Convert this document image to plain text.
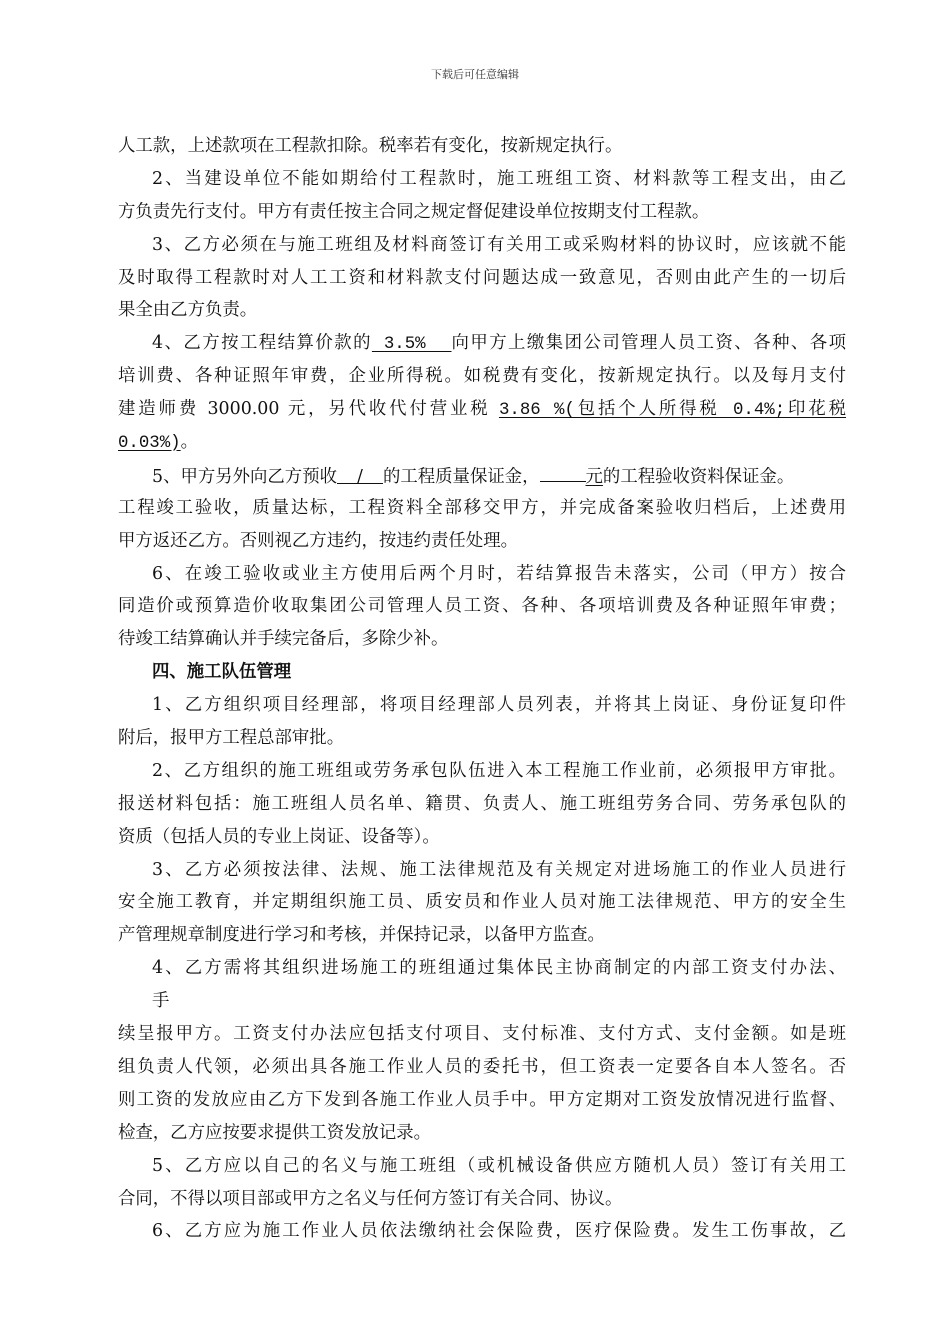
下载后可任意编辑
人工款，上述款项在工程款扣除。税率若有变化，按新规定执行。
2、当建设单位不能如期给付工程款时，施工班组工资、材料款等工程支出，由乙
方负责先行支付。甲方有责任按主合同之规定督促建设单位按期支付工程款。
3、乙方必须在与施工班组及材料商签订有关用工或采购材料的协议时，应该就不能
及时取得工程款时对人工工资和材料款支付问题达成一致意见，否则由此产生的一切后
果全由乙方负责。
4、乙方按工程结算价款的 3.5%   向甲方上缴集团公司管理人员工资、各种、各项
培训费、各种证照年审费，企业所得税。如税费有变化，按新规定执行。以及每月支付
建造师费 3000.00 元，另代收代付营业税 3.86 %(包括个人所得税 0.4%;印花税
0.03%)。
5、甲方另外向乙方预收 / 的工程质量保证金，	元的工程验收资料保证金。
工程竣工验收，质量达标，工程资料全部移交甲方，并完成备案验收归档后，上述费用
甲方返还乙方。否则视乙方违约，按违约责任处理。
6、在竣工验收或业主方使用后两个月时，若结算报告未落实，公司（甲方）按合
同造价或预算造价收取集团公司管理人员工资、各种、各项培训费及各种证照年审费；
待竣工结算确认并手续完备后，多除少补。
四、施工队伍管理
1、乙方组织项目经理部，将项目经理部人员列表，并将其上岗证、身份证复印件
附后，报甲方工程总部审批。
2、乙方组织的施工班组或劳务承包队伍进入本工程施工作业前，必须报甲方审批。
报送材料包括：施工班组人员名单、籍贯、负责人、施工班组劳务合同、劳务承包队的
资质（包括人员的专业上岗证、设备等）。
3、乙方必须按法律、法规、施工法律规范及有关规定对进场施工的作业人员进行
安全施工教育，并定期组织施工员、质安员和作业人员对施工法律规范、甲方的安全生
产管理规章制度进行学习和考核，并保持记录，以备甲方监查。
4、乙方需将其组织进场施工的班组通过集体民主协商制定的内部工资支付办法、
手
续呈报甲方。工资支付办法应包括支付项目、支付标准、支付方式、支付金额。如是班
组负责人代领，必须出具各施工作业人员的委托书，但工资表一定要各自本人签名。否
则工资的发放应由乙方下发到各施工作业人员手中。甲方定期对工资发放情况进行监督、
检查，乙方应按要求提供工资发放记录。
5、乙方应以自己的名义与施工班组（或机械设备供应方随机人员）签订有关用工
合同，不得以项目部或甲方之名义与任何方签订有关合同、协议。
6、乙方应为施工作业人员依法缴纳社会保险费，医疗保险费。发生工伤事故，乙
